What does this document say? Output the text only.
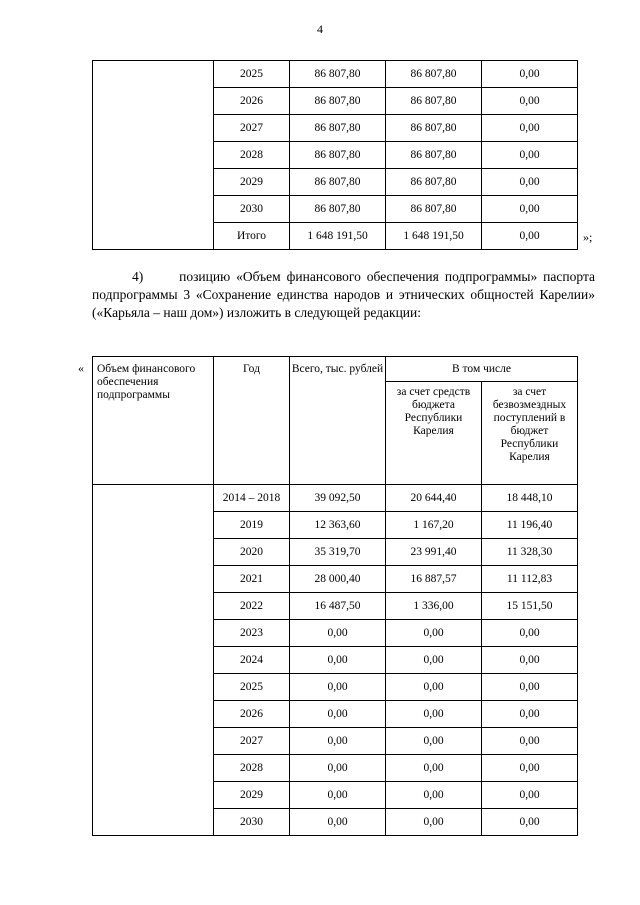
4
	2025	86 807,80	86 807,80	0,00
	2026	86 807,80	86 807,80	0,00
	2027	86 807,80	86 807,80	0,00
	2028	86 807,80	86 807,80	0,00
	2029	86 807,80	86 807,80	0,00
	2030	86 807,80	86 807,80	0,00
	Итого	1 648 191,50	1 648 191,50	0,00	»;
4)	позицию «Объем финансового обеспечения подпрограммы» паспорта подпрограммы 3 «Сохранение единства народов и этнических общностей Карелии» («Карьяла – наш дом») изложить в следующей редакции:
« Объем финансового обеспечения подпрограммы	Год	Всего, тыс. рублей	В том числе	
			за счет средств бюджета Республики Карелия	за счет безвозмездных поступлений в бюджет Республики Карелия
	2014 – 2018	39 092,50	20 644,40	18 448,10
	2019	12 363,60	1 167,20	11 196,40
	2020	35 319,70	23 991,40	11 328,30
	2021	28 000,40	16 887,57	11 112,83
	2022	16 487,50	1 336,00	15 151,50
	2023	0,00	0,00	0,00
	2024	0,00	0,00	0,00
	2025	0,00	0,00	0,00
	2026	0,00	0,00	0,00
	2027	0,00	0,00	0,00
	2028	0,00	0,00	0,00
	2029	0,00	0,00	0,00
	2030	0,00	0,00	0,00
